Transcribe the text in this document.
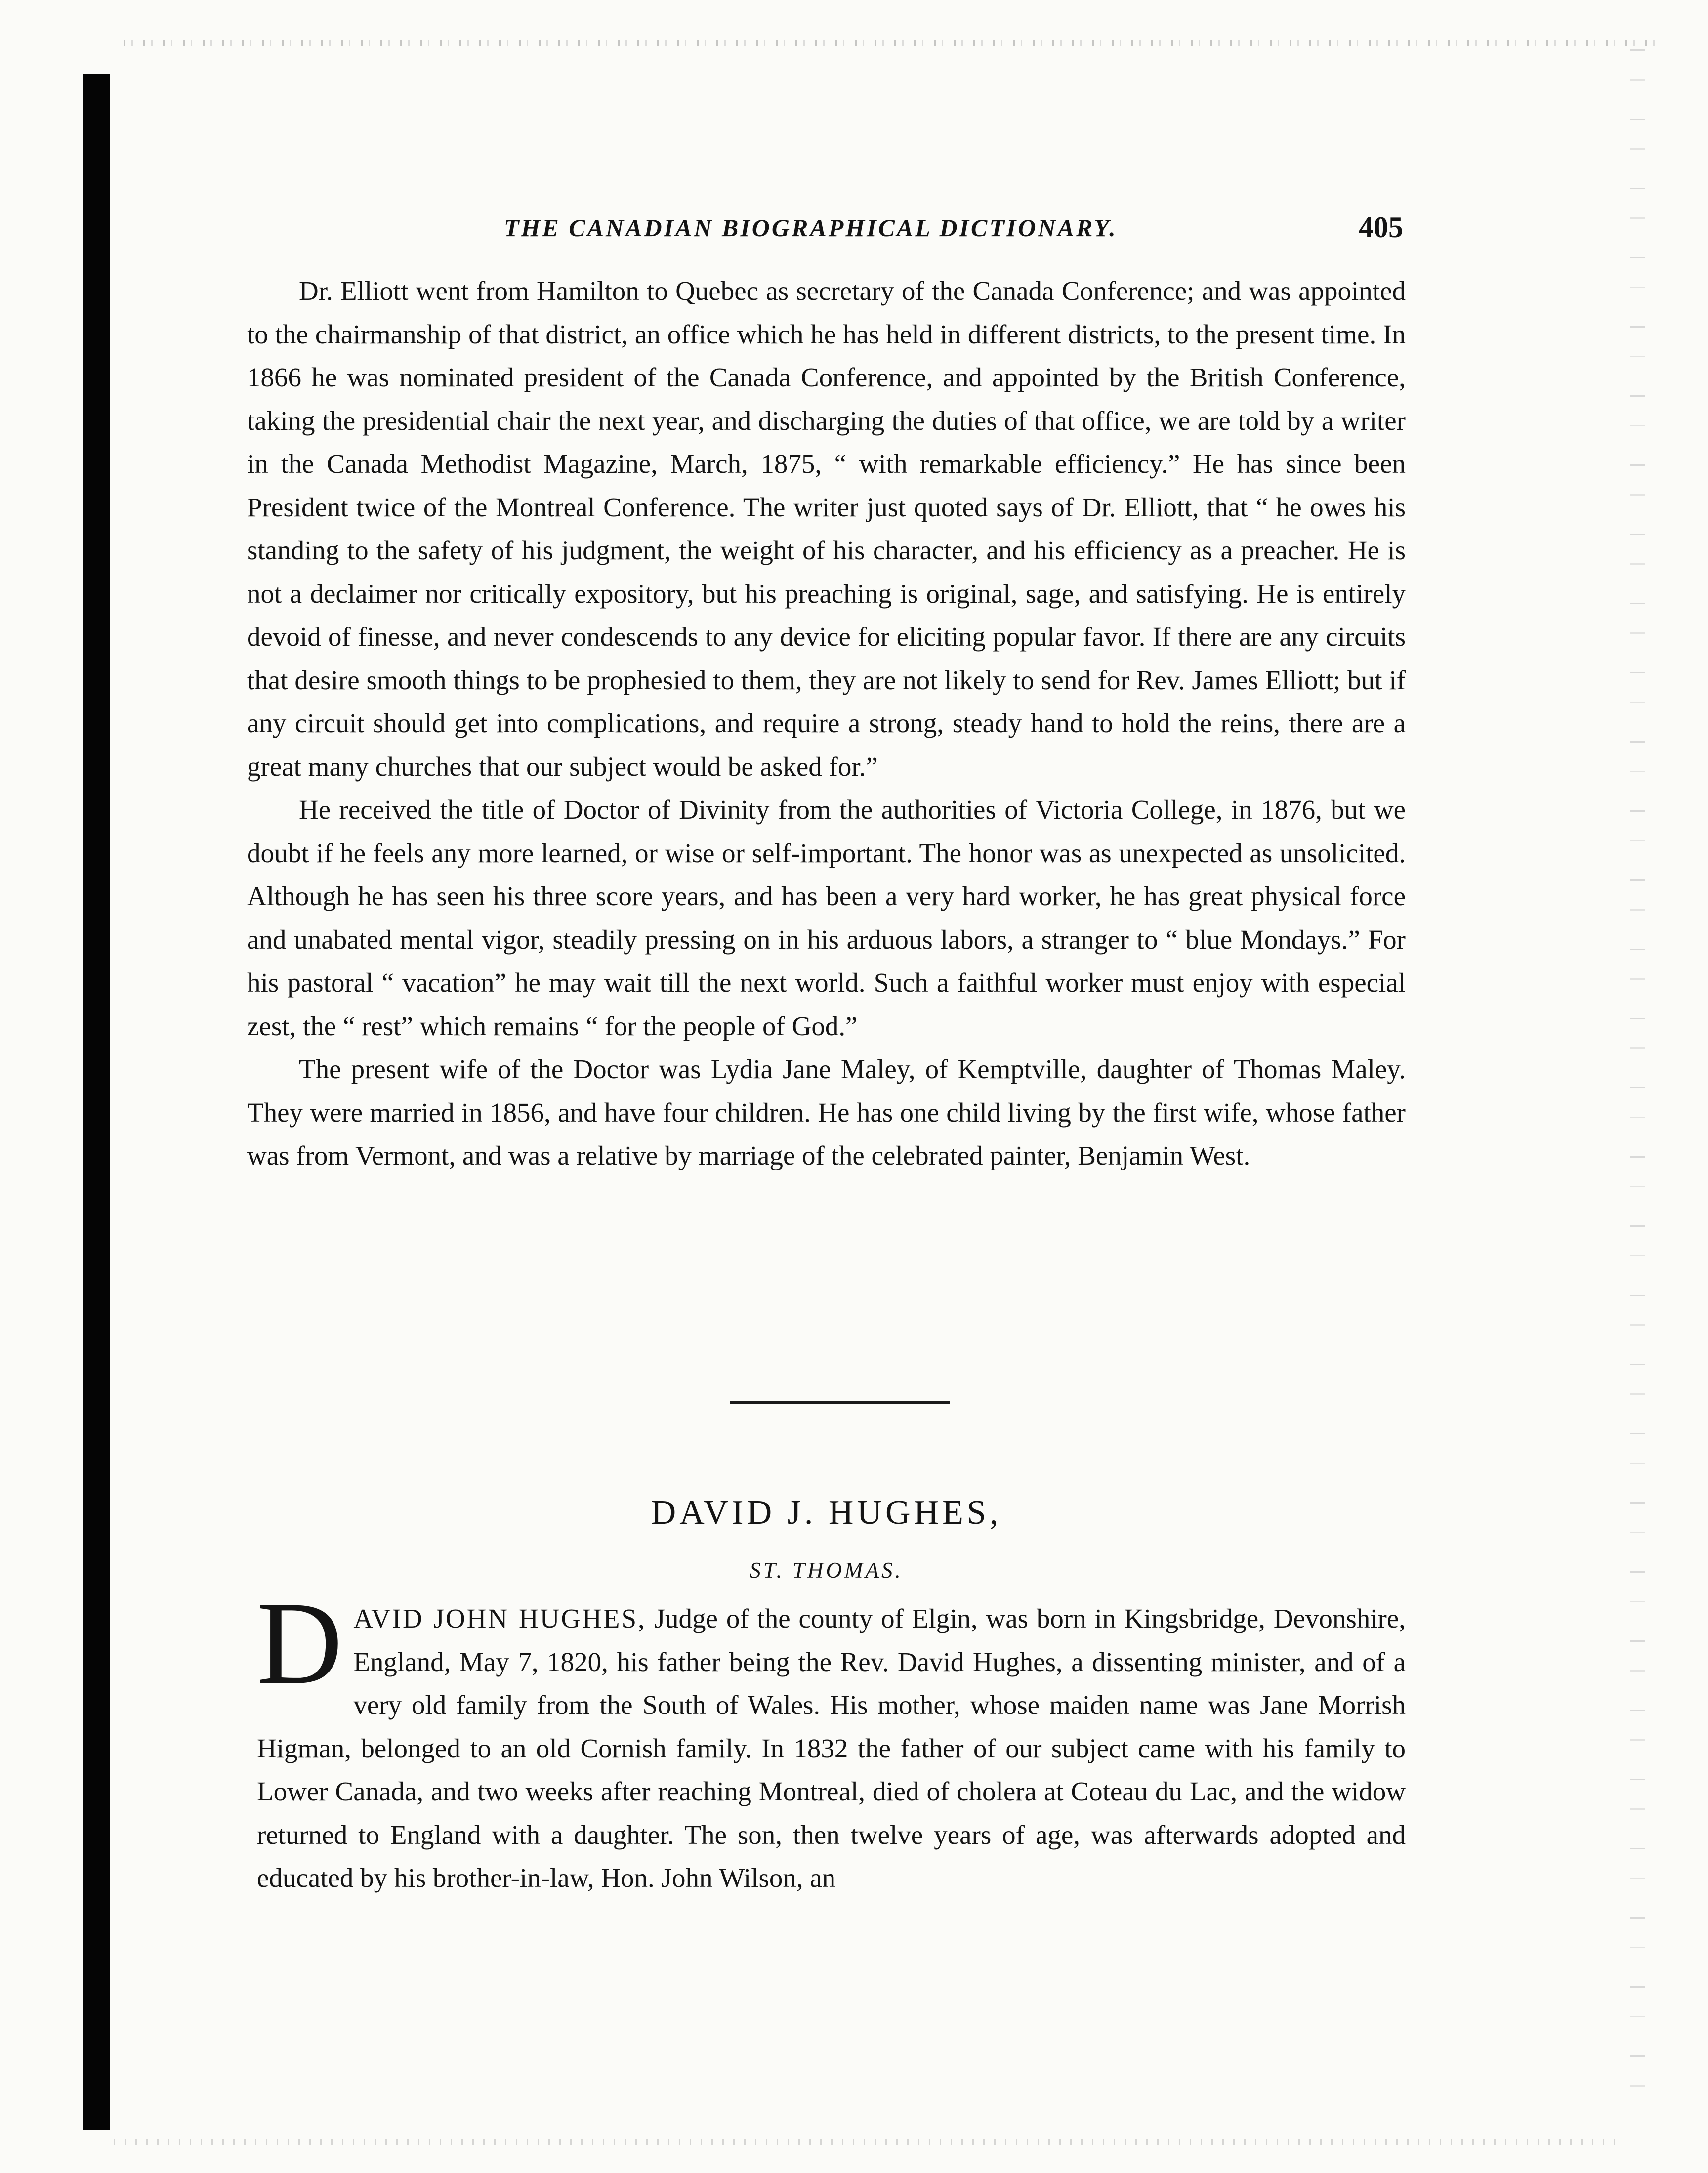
THE CANADIAN BIOGRAPHICAL DICTIONARY.	405

Dr. Elliott went from Hamilton to Quebec as secretary of the Canada Conference; and was appointed to the chairmanship of that district, an office which he has held in different districts, to the present time. In 1866 he was nominated president of the Canada Conference, and appointed by the British Conference, taking the presidential chair the next year, and discharging the duties of that office, we are told by a writer in the Canada Methodist Magazine, March, 1875, “ with remarkable efficiency.” He has since been President twice of the Montreal Conference. The writer just quoted says of Dr. Elliott, that “ he owes his standing to the safety of his judgment, the weight of his character, and his efficiency as a preacher. He is not a declaimer nor critically expository, but his preaching is original, sage, and satisfying. He is entirely devoid of finesse, and never condescends to any device for eliciting popular favor. If there are any circuits that desire smooth things to be prophesied to them, they are not likely to send for Rev. James Elliott; but if any circuit should get into complications, and require a strong, steady hand to hold the reins, there are a great many churches that our subject would be asked for.”

He received the title of Doctor of Divinity from the authorities of Victoria College, in 1876, but we doubt if he feels any more learned, or wise or self-important. The honor was as unexpected as unsolicited. Although he has seen his three score years, and has been a very hard worker, he has great physical force and unabated mental vigor, steadily pressing on in his arduous labors, a stranger to “ blue Mondays.” For his pastoral “ vacation” he may wait till the next world. Such a faithful worker must enjoy with especial zest, the “ rest” which remains “ for the people of God.”

The present wife of the Doctor was Lydia Jane Maley, of Kemptville, daughter of Thomas Maley. They were married in 1856, and have four children. He has one child living by the first wife, whose father was from Vermont, and was a relative by marriage of the celebrated painter, Benjamin West.

DAVID J. HUGHES,
ST. THOMAS.
D AVID JOHN HUGHES, Judge of the county of Elgin, was born in Kingsbridge, Devonshire, England, May 7, 1820, his father being the Rev. David Hughes, a dissenting minister, and of a very old family from the South of Wales. His mother, whose maiden name was Jane Morrish Higman, belonged to an old Cornish family. In 1832 the father of our subject came with his family to Lower Canada, and two weeks after reaching Montreal, died of cholera at Coteau du Lac, and the widow returned to England with a daughter. The son, then twelve years of age, was afterwards adopted and educated by his brother-in-law, Hon. John Wilson, an
